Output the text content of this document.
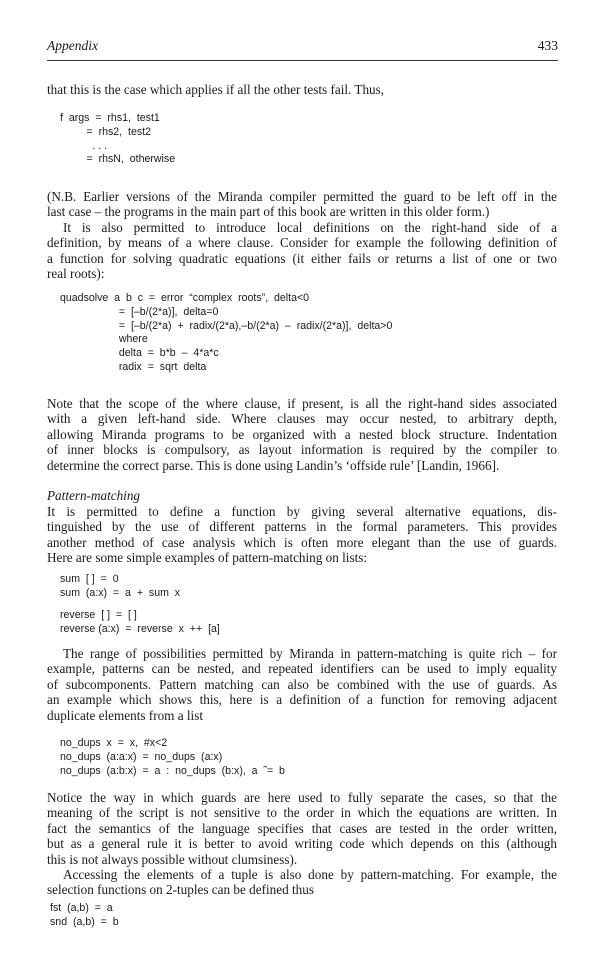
Appendix	433
that this is the case which applies if all the other tests fail. Thus,
f  args  =  rhs1,  test1
=  rhs2,  test2
. . .
=  rhsN,  otherwise
(N.B. Earlier versions of the Miranda compiler permitted the guard to be left off in the
last case – the programs in the main part of this book are written in this older form.)
It is also permitted to introduce local definitions on the right-hand side of a
definition, by means of a where clause. Consider for example the following definition of
a function for solving quadratic equations (it either fails or returns a list of one or two
real roots):
quadsolve  a  b  c  =  error  “complex  roots”,  delta<0
=  [–b/(2*a)],  delta=0
=  [–b/(2*a)  +  radix/(2*a),–b/(2*a)  –  radix/(2*a)],  delta>0
where
delta  =  b*b  –  4*a*c
radix  =  sqrt  delta
Note that the scope of the where clause, if present, is all the right-hand sides associated
with a given left-hand side. Where clauses may occur nested, to arbitrary depth,
allowing Miranda programs to be organized with a nested block structure. Indentation
of inner blocks is compulsory, as layout information is required by the compiler to
determine the correct parse. This is done using Landin’s ‘offside rule’ [Landin, 1966].
Pattern-matching
It is permitted to define a function by giving several alternative equations, dis-
tinguished by the use of different patterns in the formal parameters. This provides
another method of case analysis which is often more elegant than the use of guards.
Here are some simple examples of pattern-matching on lists:
sum  [ ]  =  0
sum  (a:x)  =  a  +  sum  x
reverse  [ ]  =  [ ]
reverse (a:x)  =  reverse  x  ++  [a]
The range of possibilities permitted by Miranda in pattern-matching is quite rich – for
example, patterns can be nested, and repeated identifiers can be used to imply equality
of subcomponents. Pattern matching can also be combined with the use of guards. As
an example which shows this, here is a definition of a function for removing adjacent
duplicate elements from a list
no_dups  x  =  x,  #x<2
no_dups  (a:a:x)  =  no_dups  (a:x)
no_dups  (a:b:x)  =  a  :  no_dups  (b:x),  a  ˜=  b
Notice the way in which guards are here used to fully separate the cases, so that the
meaning of the script is not sensitive to the order in which the equations are written. In
fact the semantics of the language specifies that cases are tested in the order written,
but as a general rule it is better to avoid writing code which depends on this (although
this is not always possible without clumsiness).
Accessing the elements of a tuple is also done by pattern-matching. For example, the
selection functions on 2-tuples can be defined thus
fst  (a,b)  =  a
snd  (a,b)  =  b
